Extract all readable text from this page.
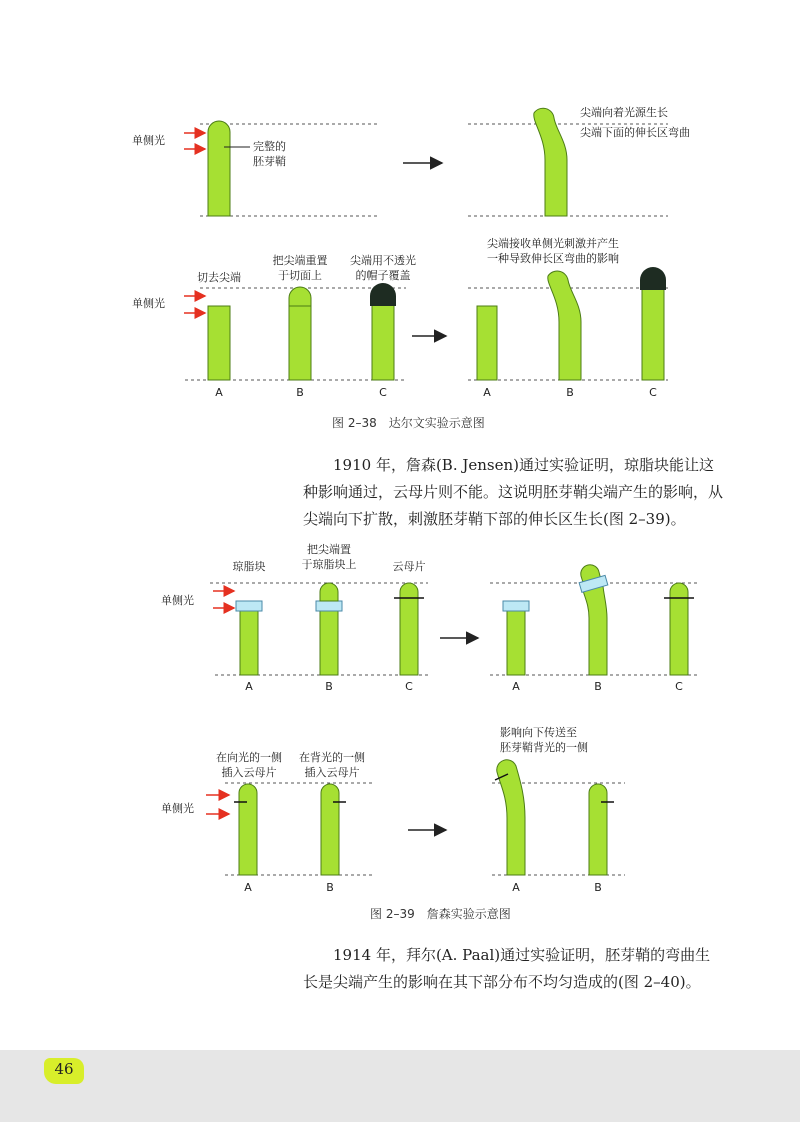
单侧光	完整的
胚芽鞘
尖端向着光源生长
尖端下面的伸长区弯曲
单侧光
切去尖端
把尖端重置
于切面上
尖端用不透光
的帽子覆盖
尖端接收单侧光刺激并产生
一种导致伸长区弯曲的影响
A	B	C	A	B	C
图 2–38　达尔文实验示意图
1910 年，詹森(B. Jensen)通过实验证明，琼脂块能让这种影响通过，云母片则不能。这说明胚芽鞘尖端产生的影响，从尖端向下扩散，刺激胚芽鞘下部的伸长区生长(图 2–39)。
单侧光
琼脂块
把尖端置
于琼脂块上	云母片
A	B	C	A	B	C
单侧光
在向光的一侧
插入云母片
在背光的一侧
插入云母片
影响向下传送至
胚芽鞘背光的一侧
A	B	A	B
图 2–39　詹森实验示意图
1914 年，拜尔(A. Paal)通过实验证明，胚芽鞘的弯曲生长是尖端产生的影响在其下部分布不均匀造成的(图 2–40)。
46
